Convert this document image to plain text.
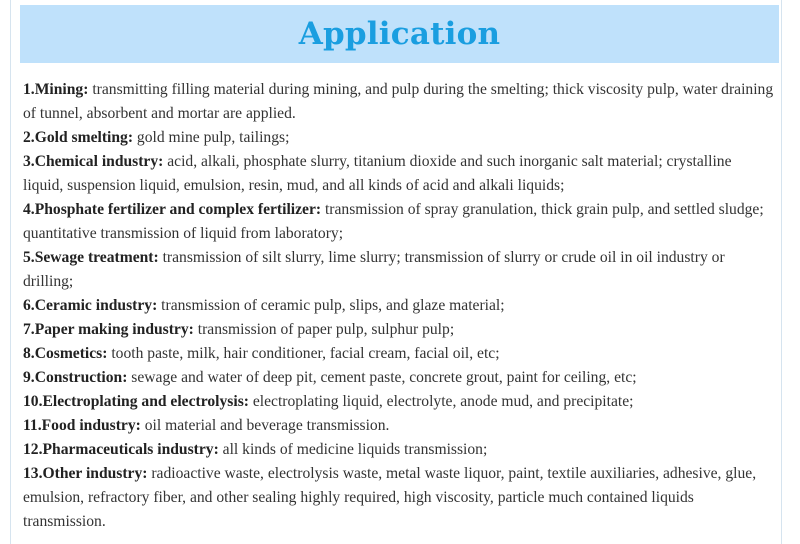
Application

1.Mining: transmitting filling material during mining, and pulp during the smelting; thick viscosity pulp, water draining of tunnel, absorbent and mortar are applied.

2.Gold smelting: gold mine pulp, tailings;

3.Chemical industry: acid, alkali, phosphate slurry, titanium dioxide and such inorganic salt material; crystalline liquid, suspension liquid, emulsion, resin, mud, and all kinds of acid and alkali liquids;

4.Phosphate fertilizer and complex fertilizer: transmission of spray granulation, thick grain pulp, and settled sludge; quantitative transmission of liquid from laboratory;

5.Sewage treatment: transmission of silt slurry, lime slurry; transmission of slurry or crude oil in oil industry or drilling;

6.Ceramic industry: transmission of ceramic pulp, slips, and glaze material;

7.Paper making industry: transmission of paper pulp, sulphur pulp;

8.Cosmetics: tooth paste, milk, hair conditioner, facial cream, facial oil, etc;

9.Construction: sewage and water of deep pit, cement paste, concrete grout, paint for ceiling, etc;

10.Electroplating and electrolysis: electroplating liquid, electrolyte, anode mud, and precipitate;

11.Food industry: oil material and beverage transmission.

12.Pharmaceuticals industry: all kinds of medicine liquids transmission;

13.Other industry: radioactive waste, electrolysis waste, metal waste liquor, paint, textile auxiliaries, adhesive, glue, emulsion, refractory fiber, and other sealing highly required, high viscosity, particle much contained liquids transmission.
